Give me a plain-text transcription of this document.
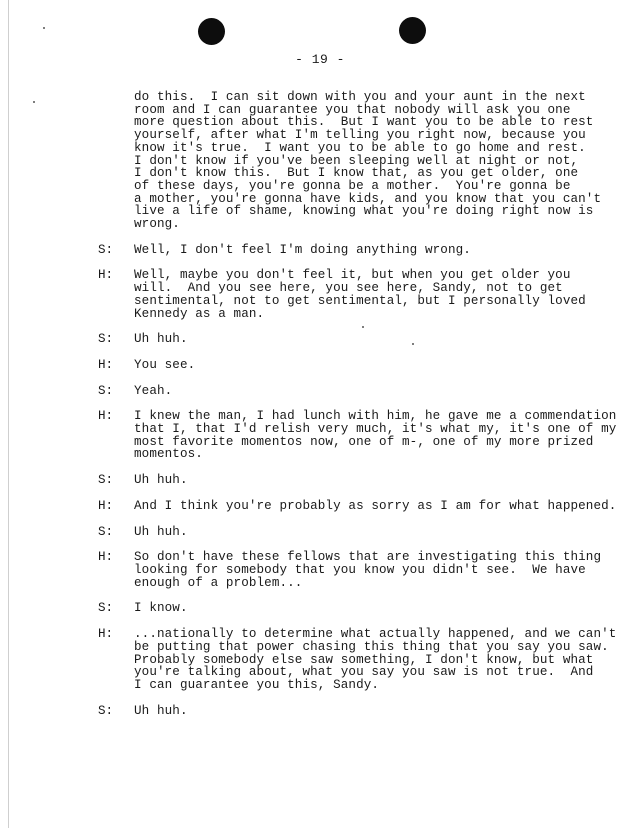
- 19 -
do this.  I can sit down with you and your aunt in the next
room and I can guarantee you that nobody will ask you one
more question about this.  But I want you to be able to rest
yourself, after what I'm telling you right now, because you
know it's true.  I want you to be able to go home and rest.
I don't know if you've been sleeping well at night or not,
I don't know this.  But I know that, as you get older, one
of these days, you're gonna be a mother.  You're gonna be
a mother, you're gonna have kids, and you know that you can't
live a life of shame, knowing what you're doing right now is
wrong.
S:	Well, I don't feel I'm doing anything wrong.
H:	Well, maybe you don't feel it, but when you get older you
will.  And you see here, you see here, Sandy, not to get
sentimental, not to get sentimental, but I personally loved
Kennedy as a man.
S:	Uh huh.
H:	You see.
S:	Yeah.
H:	I knew the man, I had lunch with him, he gave me a commendation
that I, that I'd relish very much, it's what my, it's one of my
most favorite momentos now, one of m-, one of my more prized
momentos.
S:	Uh huh.
H:	And I think you're probably as sorry as I am for what happened.
S:	Uh huh.
H:	So don't have these fellows that are investigating this thing
looking for somebody that you know you didn't see.  We have
enough of a problem...
S:	I know.
H:	...nationally to determine what actually happened, and we can't
be putting that power chasing this thing that you say you saw.
Probably somebody else saw something, I don't know, but what
you're talking about, what you say you saw is not true.  And
I can guarantee you this, Sandy.
S:	Uh huh.
